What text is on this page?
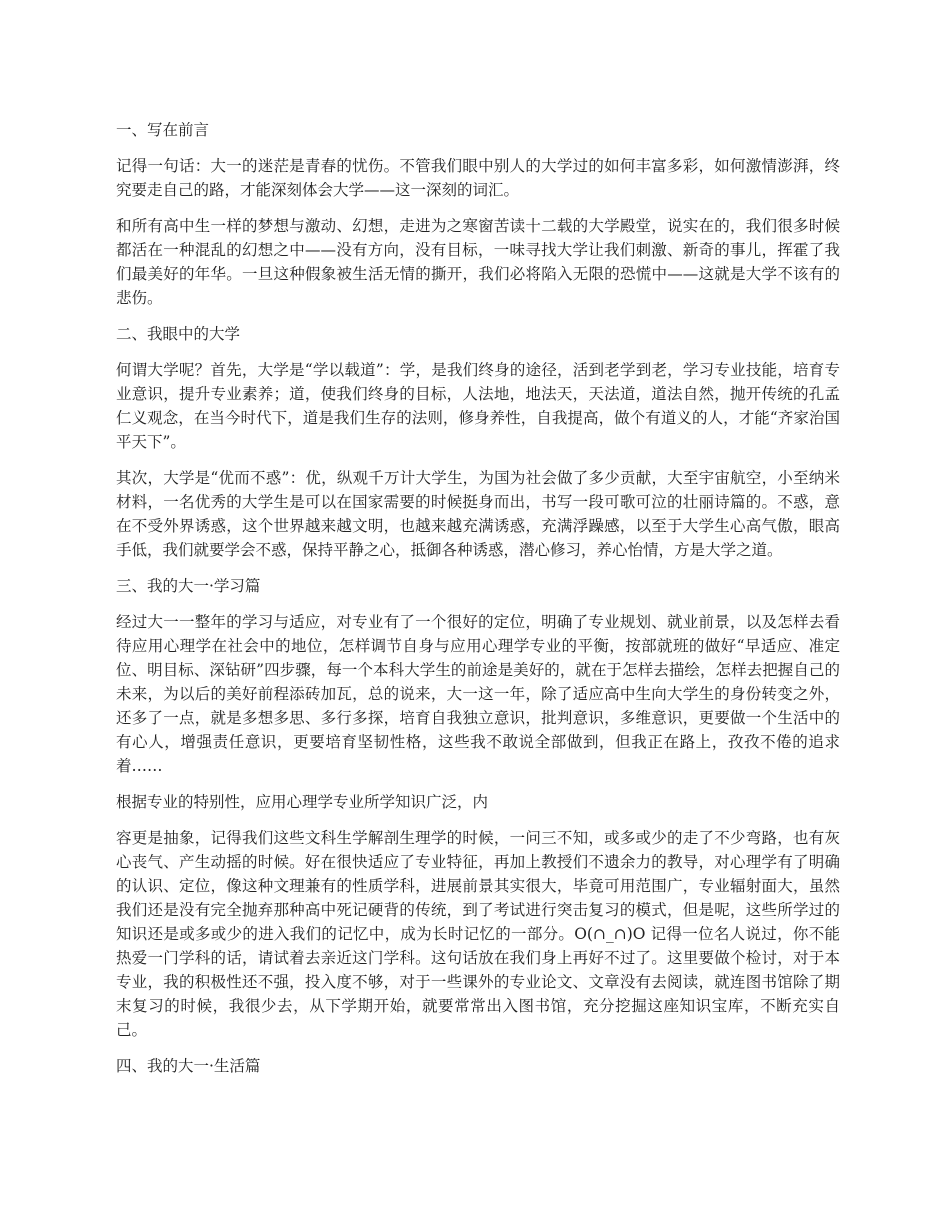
一、写在前言

记得一句话：大一的迷茫是青春的忧伤。不管我们眼中别人的大学过的如何丰富多彩，如何激情澎湃，终究要走自己的路，才能深刻体会大学——这一深刻的词汇。

和所有高中生一样的梦想与激动、幻想，走进为之寒窗苦读十二载的大学殿堂，说实在的，我们很多时候都活在一种混乱的幻想之中——没有方向，没有目标，一味寻找大学让我们刺激、新奇的事儿，挥霍了我们最美好的年华。一旦这种假象被生活无情的撕开，我们必将陷入无限的恐慌中——这就是大学不该有的悲伤。

二、我眼中的大学

何谓大学呢？首先，大学是“学以载道”：学，是我们终身的途径，活到老学到老，学习专业技能，培育专业意识，提升专业素养；道，使我们终身的目标，人法地，地法天，天法道，道法自然，抛开传统的孔孟仁义观念，在当今时代下，道是我们生存的法则，修身养性，自我提高，做个有道义的人，才能“齐家治国平天下”。

其次，大学是“优而不惑”：优，纵观千万计大学生，为国为社会做了多少贡献，大至宇宙航空，小至纳米材料，一名优秀的大学生是可以在国家需要的时候挺身而出，书写一段可歌可泣的壮丽诗篇的。不惑，意在不受外界诱惑，这个世界越来越文明，也越来越充满诱惑，充满浮躁感，以至于大学生心高气傲，眼高手低，我们就要学会不惑，保持平静之心，抵御各种诱惑，潜心修习，养心怡情，方是大学之道。

三、我的大一·学习篇

经过大一一整年的学习与适应，对专业有了一个很好的定位，明确了专业规划、就业前景，以及怎样去看待应用心理学在社会中的地位，怎样调节自身与应用心理学专业的平衡，按部就班的做好“早适应、准定位、明目标、深钻研”四步骤，每一个本科大学生的前途是美好的，就在于怎样去描绘，怎样去把握自己的未来，为以后的美好前程添砖加瓦，总的说来，大一这一年，除了适应高中生向大学生的身份转变之外，还多了一点，就是多想多思、多行多探，培育自我独立意识，批判意识，多维意识，更要做一个生活中的有心人，增强责任意识，更要培育坚韧性格，这些我不敢说全部做到，但我正在路上，孜孜不倦的追求着……

根据专业的特别性，应用心理学专业所学知识广泛，内

容更是抽象，记得我们这些文科生学解剖生理学的时候，一问三不知，或多或少的走了不少弯路，也有灰心丧气、产生动摇的时候。好在很快适应了专业特征，再加上教授们不遗余力的教导，对心理学有了明确的认识、定位，像这种文理兼有的性质学科，进展前景其实很大，毕竟可用范围广，专业辐射面大，虽然我们还是没有完全抛弃那种高中死记硬背的传统，到了考试进行突击复习的模式，但是呢，这些所学过的知识还是或多或少的进入我们的记忆中，成为长时记忆的一部分。O(∩_∩)O 记得一位名人说过，你不能热爱一门学科的话，请试着去亲近这门学科。这句话放在我们身上再好不过了。这里要做个检讨，对于本专业，我的积极性还不强，投入度不够，对于一些课外的专业论文、文章没有去阅读，就连图书馆除了期末复习的时候，我很少去，从下学期开始，就要常常出入图书馆，充分挖掘这座知识宝库，不断充实自己。

四、我的大一·生活篇
